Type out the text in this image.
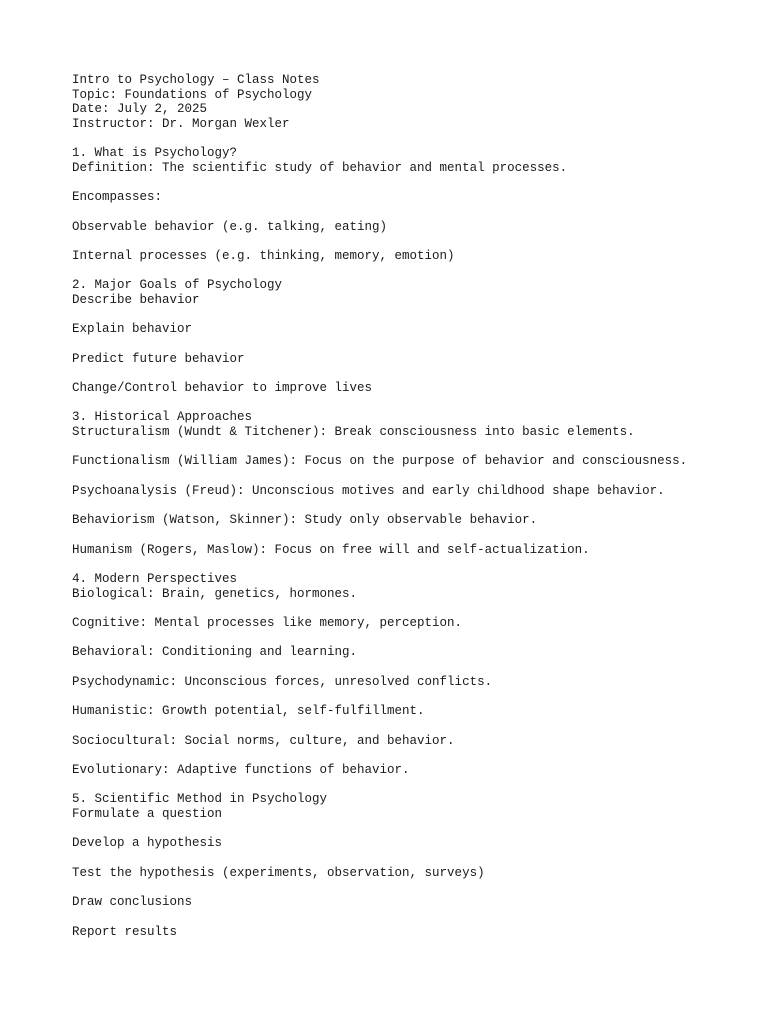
Intro to Psychology – Class Notes
Topic: Foundations of Psychology
Date: July 2, 2025
Instructor: Dr. Morgan Wexler
1. What is Psychology?
Definition: The scientific study of behavior and mental processes.
Encompasses:
Observable behavior (e.g. talking, eating)
Internal processes (e.g. thinking, memory, emotion)
2. Major Goals of Psychology
Describe behavior
Explain behavior
Predict future behavior
Change/Control behavior to improve lives
3. Historical Approaches
Structuralism (Wundt & Titchener): Break consciousness into basic elements.
Functionalism (William James): Focus on the purpose of behavior and consciousness.
Psychoanalysis (Freud): Unconscious motives and early childhood shape behavior.
Behaviorism (Watson, Skinner): Study only observable behavior.
Humanism (Rogers, Maslow): Focus on free will and self-actualization.
4. Modern Perspectives
Biological: Brain, genetics, hormones.
Cognitive: Mental processes like memory, perception.
Behavioral: Conditioning and learning.
Psychodynamic: Unconscious forces, unresolved conflicts.
Humanistic: Growth potential, self-fulfillment.
Sociocultural: Social norms, culture, and behavior.
Evolutionary: Adaptive functions of behavior.
5. Scientific Method in Psychology
Formulate a question
Develop a hypothesis
Test the hypothesis (experiments, observation, surveys)
Draw conclusions
Report results
